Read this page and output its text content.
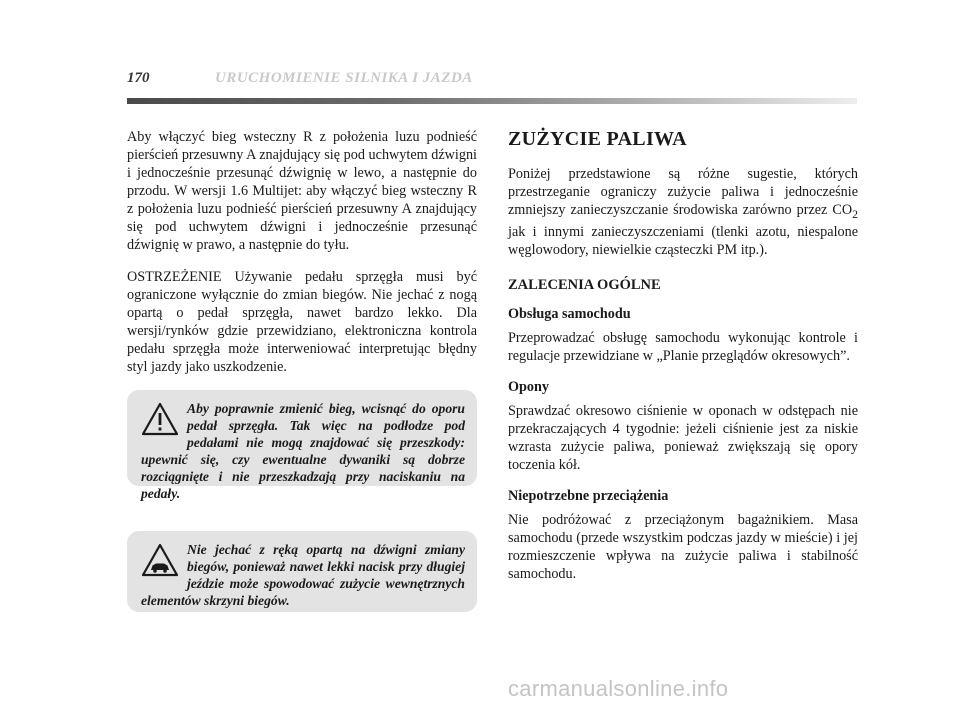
170	URUCHOMIENIE SILNIKA I JAZDA

Aby włączyć bieg wsteczny R z położenia luzu podnieść pierścień przesuwny A znajdujący się pod uchwytem dźwigni i jednocześnie przesunąć dźwignię w lewo, a następnie do przodu. W wersji 1.6 Multijet: aby włączyć bieg wsteczny R z położenia luzu podnieść pierścień przesuwny A znajdujący się pod uchwytem dźwigni i jednocześnie przesunąć dźwignię w prawo, a następnie do tyłu.

OSTRZEŻENIE Używanie pedału sprzęgła musi być ograniczone wyłącznie do zmian biegów. Nie jechać z nogą opartą o pedał sprzęgła, nawet bardzo lekko. Dla wersji/rynków gdzie przewidziano, elektroniczna kontrola pedału sprzęgła może interweniować interpretując błędny styl jazdy jako uszkodzenie.

Aby poprawnie zmienić bieg, wcisnąć do oporu pedał sprzęgła. Tak więc na podłodze pod pedałami nie mogą znajdować się przeszkody: upewnić się, czy ewentualne dywaniki są dobrze rozciągnięte i nie przeszkadzają przy naciskaniu na pedały.

Nie jechać z ręką opartą na dźwigni zmiany biegów, ponieważ nawet lekki nacisk przy długiej jeździe może spowodować zużycie wewnętrznych elementów skrzyni biegów.

ZUŻYCIE PALIWA

Poniżej przedstawione są różne sugestie, których przestrzeganie ograniczy zużycie paliwa i jednocześnie zmniejszy zanieczyszczanie środowiska zarówno przez $CO_2$ jak i innymi zanieczyszczeniami (tlenki azotu, niespalone węglowodory, niewielkie cząsteczki PM itp.).

ZALECENIA OGÓLNE
Obsługa samochodu

Przeprowadzać obsługę samochodu wykonując kontrole i regulacje przewidziane w „Planie przeglądów okresowych”.

Opony

Sprawdzać okresowo ciśnienie w oponach w odstępach nie przekraczających 4 tygodnie: jeżeli ciśnienie jest za niskie wzrasta zużycie paliwa, ponieważ zwiększają się opory toczenia kół.

Niepotrzebne przeciążenia

Nie podróżować z przeciążonym bagażnikiem. Masa samochodu (przede wszystkim podczas jazdy w mieście) i jej rozmieszczenie wpływa na zużycie paliwa i stabilność samochodu.

carmanualsonline.info
